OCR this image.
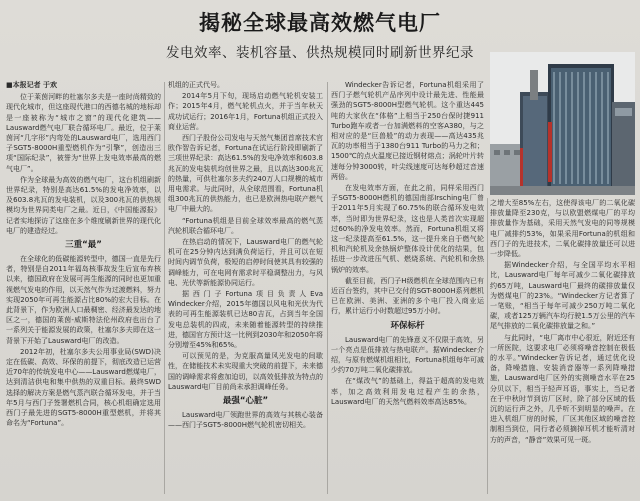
揭秘全球最高效燃气电厂
发电效率、装机容量、供热规模同时刷新世界纪录

■本报记者 于欢

位于莱茵河畔的杜塞尔多夫是一座时尚精致的现代化城市，但这座现代港口的西德名城的地标却是一座被称为“城市之窗”的现代化建筑——Lausward燃气电厂联合循环电厂。最近，位于莱茵河“几字形”内弯处的Lausward电厂，选用西门子SGT5-8000H重型燃机作为“引擎”，创造出三项“国际纪录”，被誉为“世界上发电效率最高的燃气电厂”。

作为全球最为高效的燃气电厂，这台机组刷新世界纪录，特别是高达61.5%的发电净效率，以及603.8兆瓦的发电装机，以及300兆瓦的供热规模均为世界同类电厂之最。近日，《中国能源报》记者实地探访了这座在多个维度刷新世界的现代化电厂的建造经过。

三重“最”

在全球化的低碳能源转型中，德国一直是先行者，特别是自2011年福岛核事故发生后宣布弃核以来，德国政府在发展可再生能源的同时也更加重视燃气发电的作用，以天然气作为过渡燃料，努力实现2050年可再生能源占比80%的宏大目标。在此背景下，作为欧洲人口最稠密、经济最发达的地区之一，德国的莱茵-威斯特法伦州政府也出台了一系列关于能源发展的政策，杜塞尔多夫即在这一背景下开始了Lausward电厂的改造。

2012年初，杜塞尔多夫公用事业局(SWD)决定在低碳、高效、环保的前提下，彻底改造已运营近70年的传统发电中心——Lausward燃煤电厂，达到清洁供电和集中供热的双重目标。最终SWD选择的解决方案是燃气蒸汽联合循环发电，并于当年5月与西门子签署燃机合同，核心机组确定选用西门子最先进的SGT5-8000H重型燃机，并将其命名为“Fortuna”。

机组的正式代号。

2014年5月下旬，现场启动燃气轮机安装工作；2015年4月，燃气轮机点火，并于当年秋天成功试运行；2016年1月，Fortuna机组正式投入商业运营。

西门子股份公司发电与天然气集团首席技术官欧作智告诉记者，Fortuna在试运行阶段即刷新了三项世界纪录：高达61.5%的发电净效率和603.8兆瓦的发电装机均创世界之最，且以高达300兆瓦的热量，可供杜塞尔多夫约240万人口规模的城市用电需求。与此同时，从全球范围看，Fortuna机组300兆瓦的供热能力，也已是欧洲热电联产燃气电厂中最大的。

“Fortuna机组是目前全球效率最高的燃气蒸汽轮机联合循环电厂。

在热启动的情况下，Lausward电厂的燃气轮机可在25分钟内达到满负荷运行，并且可以在短时间内调节负荷，极短的启停时间使其具有较强的调峰能力，可在电网有需求时平稳调整出力，与风电、光伏等新能源协同运行。

据西门子Fortuna项目负责人Eva Windecker介绍，2015年德国以风电和光伏为代表的可再生能源装机已达80吉瓦，占到当年全国发电总装机的四成，未来随着能源转型的持续推进，德国官方预计这一比例到2030年和2050年将分别增至45%和65%。

可以预见的是，为克服高量风光发电的间歇性，在储能技术未实现重大突破的前提下，未来德国的调峰需求将愈加迫切，以高效低排放为特点的Lausward电厂目前尚未承担调峰任务。

最强“心脏”

Lausward电厂领跑世界的高效与其核心装备——西门子SGT5-8000H燃气轮机密切相关。

Windecker告诉记者，Fortuna机组采用了西门子燃气轮机产品序列中设计最先进、性能最强劲的SGT5-8000H型燃气轮机。这个重达445吨的大家伙在“体格”上相当于250台保时捷911 Turbo跑车或者一台加满燃料的空客A380，与之相对应的是“巨兽般”的动力表现——高达435兆瓦的功率相当于1380台911 Turbo的马力之和；1500℃的点火温度已接近钢材熔点；涡轮叶片转速每分钟3000转，叶尖线速度可达每秒超过音速两倍。

在发电效率方面，在此之前，同样采用西门子SGT5-8000H燃机的德国南部Irsching电厂曾于2011年5月实现了60.75%的联合循环发电效率，当时即为世界纪录，这也是人类首次实现超过60%的净发电效率。然而，Fortuna机组又将这一纪录提高至61.5%，这一提升来自于燃气轮机和汽轮机及余热锅炉整体设计优化的结果，包括进一步改进压气机、燃烧系统、汽轮机和余热锅炉的效率。

截至目前，西门子H级燃机在全球范围内已有近百台签约，其中已交付的SGT-8000H系列燃机已在欧洲、美洲、亚洲的多个电厂投入商业运行，累计运行小时数超过95万小时。

环保标杆

Lausward电厂的先锋意义不仅限于高效，另一个亮点是低排放与热电联产。据Windecker介绍，与原有燃煤机组相比，Fortuna机组每年可减少约70万吨二氧化碳排放。

在“煤改气”的基础上，得益于超高的发电效率，加之高效利用发电过程产生的余热，Lausward电厂的天然气燃料效率高达85%。

之增大至85%左右，这使得该电厂的二氧化碳排放量降至230克，与以欧盟燃煤电厂的平均排放量作为基础，采用天然气发电的同等规模电厂减排约53%，如果采用Fortuna的机组和西门子的先进技术，二氧化碳排放量还可以进一步降低。

据Windecker介绍，与全国平均水平相比，Lausward电厂每年可减少二氧化碳排放约65万吨，Lausward电厂最终的碳排放量仅为燃煤电厂的23%。“Windecker方记者算了一笔账，“相当于每年可减少250万吨二氧化碳，或者125万辆汽车均行驶1.5万公里的汽车尾气排放的二氧化碳排放量之和。”

与此同时，“电厂离市中心很近，附近还有一所医院，这要求电厂必须将噪音控制在极低的水平。”Windecker告诉记者，通过优化设备，降噪措施、安装消音器等一系列降噪措施，Lausward电厂区外的实测噪音水平在25分贝以下，相当于轻声耳语，事实上，当记者在于中秋时节到访厂区时，除了部分区域的低沉的运行声之外，几乎听不到明显的噪声。在进入机组厂房的时候，厂区其他区域的噪音控制相当到位，同行者必须摘掉耳机才能听清对方的声音，“静音”效果可见一斑。
